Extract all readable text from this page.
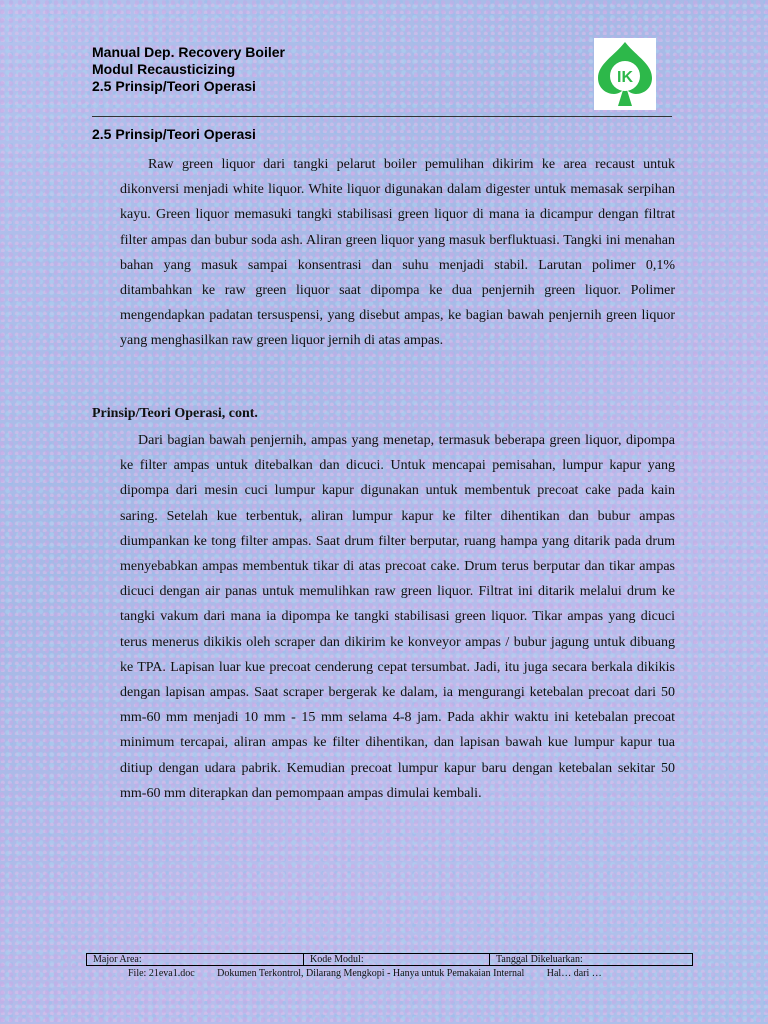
Manual Dep. Recovery Boiler
Modul Recausticizing
2.5 Prinsip/Teori Operasi	IK
2.5 Prinsip/Teori Operasi

Raw green liquor dari tangki pelarut boiler pemulihan dikirim ke area recaust untuk dikonversi menjadi white liquor. White liquor digunakan dalam digester untuk memasak serpihan kayu. Green liquor memasuki tangki stabilisasi green liquor di mana ia dicampur dengan filtrat filter ampas dan bubur soda ash. Aliran green liquor yang masuk berfluktuasi. Tangki ini menahan bahan yang masuk sampai konsentrasi dan suhu menjadi stabil. Larutan polimer 0,1% ditambahkan ke raw green liquor saat dipompa ke dua penjernih green liquor. Polimer mengendapkan padatan tersuspensi, yang disebut ampas, ke bagian bawah penjernih green liquor yang menghasilkan raw green liquor jernih di atas ampas.

Prinsip/Teori Operasi, cont.

Dari bagian bawah penjernih, ampas yang menetap, termasuk beberapa green liquor, dipompa ke filter ampas untuk ditebalkan dan dicuci. Untuk mencapai pemisahan, lumpur kapur yang dipompa dari mesin cuci lumpur kapur digunakan untuk membentuk precoat cake pada kain saring. Setelah kue terbentuk, aliran lumpur kapur ke filter dihentikan dan bubur ampas diumpankan ke tong filter ampas. Saat drum filter berputar, ruang hampa yang ditarik pada drum menyebabkan ampas membentuk tikar di atas precoat cake. Drum terus berputar dan tikar ampas dicuci dengan air panas untuk memulihkan raw green liquor. Filtrat ini ditarik melalui drum ke tangki vakum dari mana ia dipompa ke tangki stabilisasi green liquor. Tikar ampas yang dicuci terus menerus dikikis oleh scraper dan dikirim ke konveyor ampas / bubur jagung untuk dibuang ke TPA. Lapisan luar kue precoat cenderung cepat tersumbat. Jadi, itu juga secara berkala dikikis dengan lapisan ampas. Saat scraper bergerak ke dalam, ia mengurangi ketebalan precoat dari 50 mm-60 mm menjadi 10 mm - 15 mm selama 4-8 jam. Pada akhir waktu ini ketebalan precoat minimum tercapai, aliran ampas ke filter dihentikan, dan lapisan bawah kue lumpur kapur tua ditiup dengan udara pabrik. Kemudian precoat lumpur kapur baru dengan ketebalan sekitar 50 mm-60 mm diterapkan dan pemompaan ampas dimulai kembali.

Major Area:	Kode Modul:	Tanggal Dikeluarkan:
File: 21eva1.doc Dokumen Terkontrol, Dilarang Mengkopi - Hanya untuk Pemakaian Internal Hal… dari …
